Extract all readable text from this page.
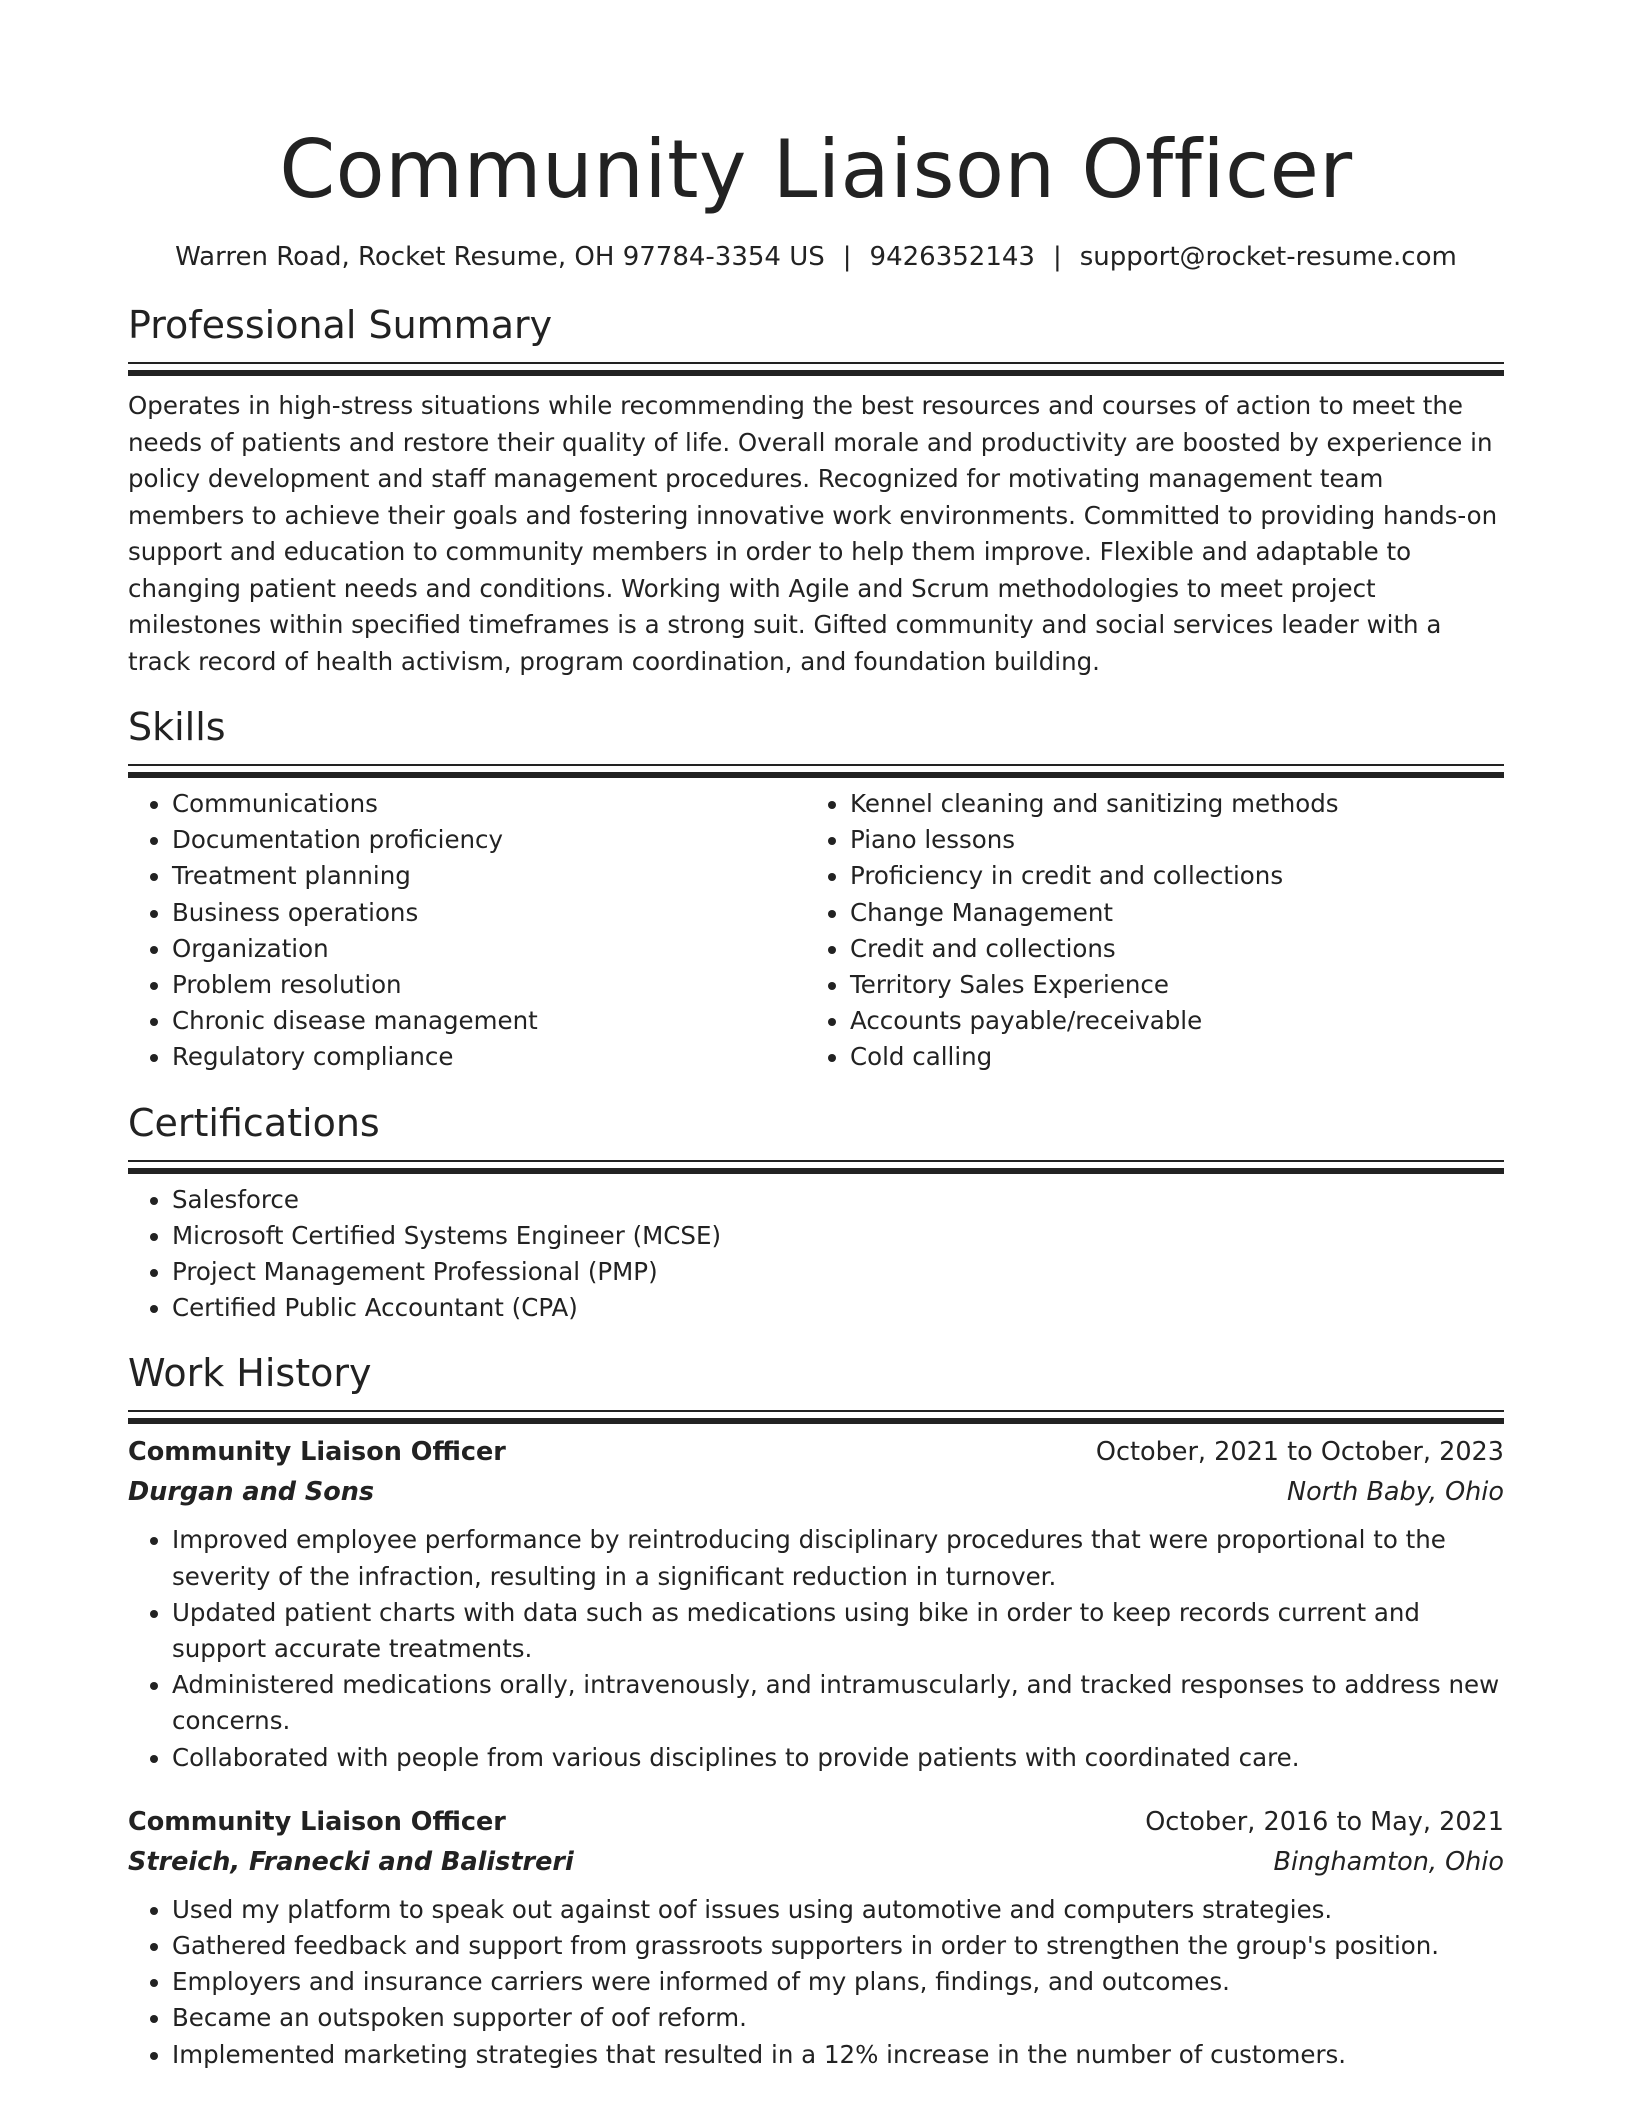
Community Liaison Officer
Warren Road, Rocket Resume, OH 97784-3354 US | 9426352143 | support@rocket-resume.com
Professional Summary

Operates in high-stress situations while recommending the best resources and courses of action to meet the needs of patients and restore their quality of life. Overall morale and productivity are boosted by experience in policy development and staff management procedures. Recognized for motivating management team members to achieve their goals and fostering innovative work environments. Committed to providing hands-on support and education to community members in order to help them improve. Flexible and adaptable to changing patient needs and conditions. Working with Agile and Scrum methodologies to meet project milestones within specified timeframes is a strong suit. Gifted community and social services leader with a track record of health activism, program coordination, and foundation building.

Skills
• Communications
• Documentation proficiency
• Treatment planning
• Business operations
• Organization
• Problem resolution
• Chronic disease management
• Regulatory compliance
• Kennel cleaning and sanitizing methods
• Piano lessons
• Proficiency in credit and collections
• Change Management
• Credit and collections
• Territory Sales Experience
• Accounts payable/receivable
• Cold calling
Certifications
• Salesforce
• Microsoft Certified Systems Engineer (MCSE)
• Project Management Professional (PMP)
• Certified Public Accountant (CPA)
Work History
Community Liaison Officer	October, 2021 to October, 2023
Durgan and Sons	North Baby, Ohio
• Improved employee performance by reintroducing disciplinary procedures that were proportional to the severity of the infraction, resulting in a significant reduction in turnover.
• Updated patient charts with data such as medications using bike in order to keep records current and support accurate treatments.
• Administered medications orally, intravenously, and intramuscularly, and tracked responses to address new concerns.
• Collaborated with people from various disciplines to provide patients with coordinated care.
Community Liaison Officer	October, 2016 to May, 2021
Streich, Franecki and Balistreri	Binghamton, Ohio
• Used my platform to speak out against oof issues using automotive and computers strategies.
• Gathered feedback and support from grassroots supporters in order to strengthen the group's position.
• Employers and insurance carriers were informed of my plans, findings, and outcomes.
• Became an outspoken supporter of oof reform.
• Implemented marketing strategies that resulted in a 12% increase in the number of customers.
